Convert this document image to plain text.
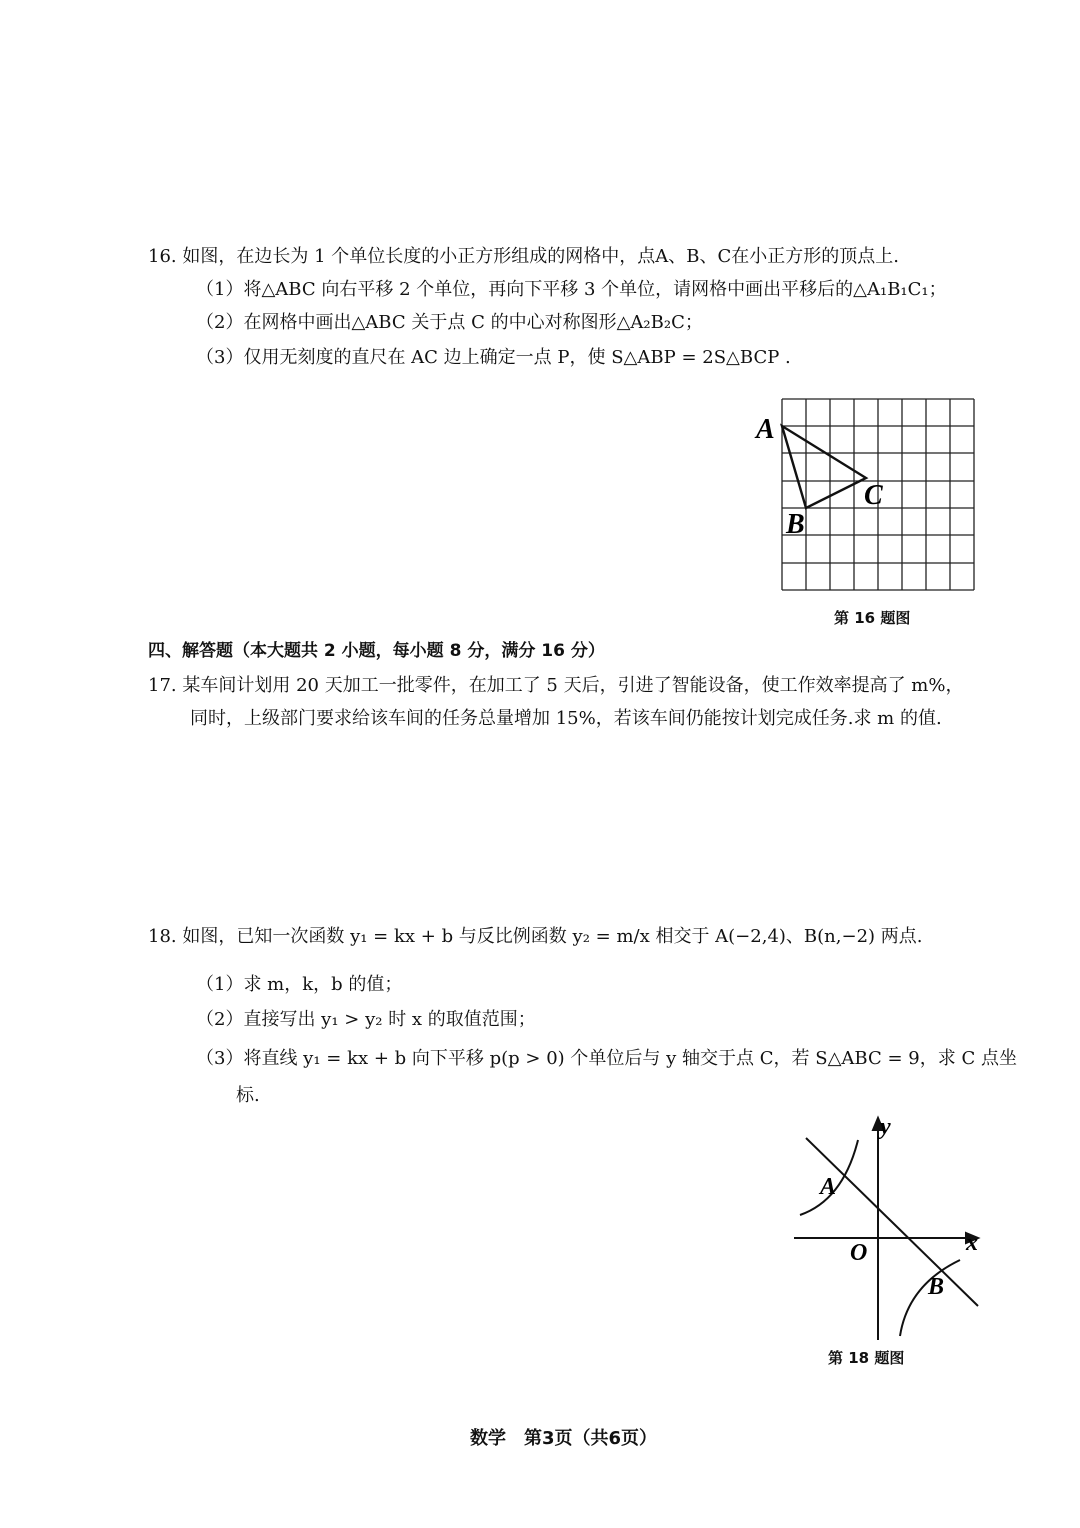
16. 如图，在边长为 1 个单位长度的小正方形组成的网格中，点A、B、C在小正方形的顶点上.
（1）将△ABC 向右平移 2 个单位，再向下平移 3 个单位，请网格中画出平移后的△A₁B₁C₁；
（2）在网格中画出△ABC 关于点 C 的中心对称图形△A₂B₂C；
（3）仅用无刻度的直尺在 AC 边上确定一点 P，使 S△ABP = 2S△BCP .
A
B
C
第 16 题图
四、解答题（本大题共 2 小题，每小题 8 分，满分 16 分）
17. 某车间计划用 20 天加工一批零件，在加工了 5 天后，引进了智能设备，使工作效率提高了 m%，
同时，上级部门要求给该车间的任务总量增加 15%，若该车间仍能按计划完成任务.求 m 的值.
18. 如图，已知一次函数 y₁ = kx + b 与反比例函数 y₂ = m/x 相交于 A(−2,4)、B(n,−2) 两点.
（1）求 m，k，b 的值；
（2）直接写出 y₁ > y₂ 时 x 的取值范围；
（3）将直线 y₁ = kx + b 向下平移 p(p > 0) 个单位后与 y 轴交于点 C，若 S△ABC = 9，求 C 点坐
标.
y
x
O
A
B
第 18 题图
数学　第3页（共6页）
